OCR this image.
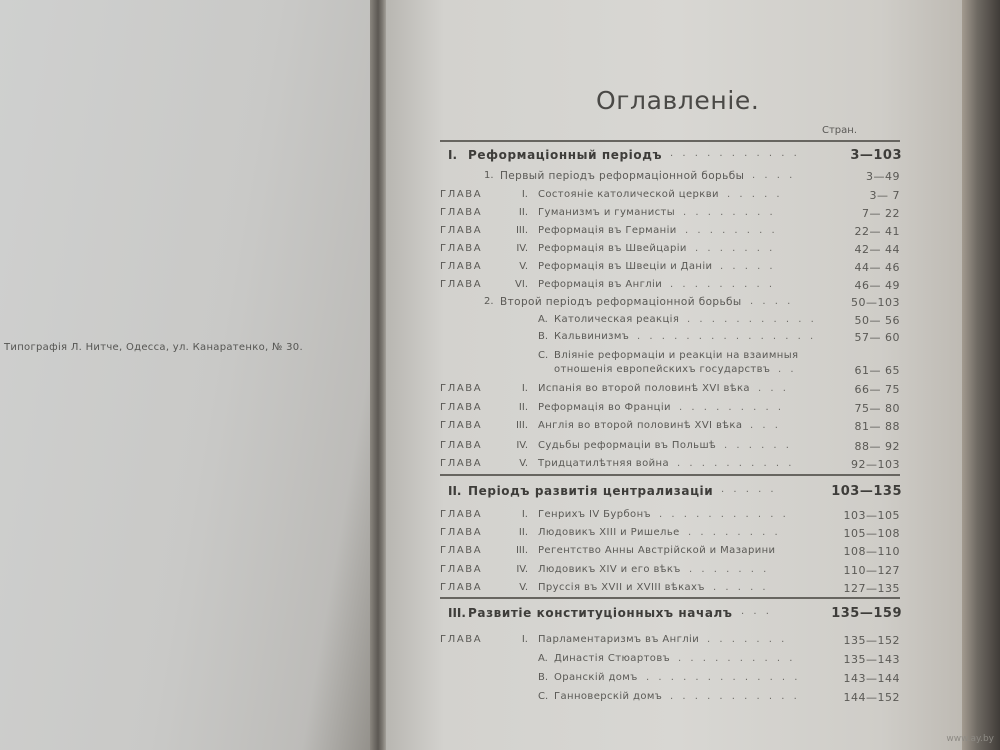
Типографія Л. Нитче, Одесса, ул. Канаратенко, № 30.
Оглавленіе.
Стран.
I. Реформаціонный періодъ . . . . . . . . . . .	3—103
1. Первый періодъ реформаціонной борьбы . . . .	3—49
ГЛАВА	I. Состояніе католической церкви . . . . .	3— 7
ГЛАВА	II. Гуманизмъ и гуманисты . . . . . . . .	7— 22
ГЛАВА	III. Реформація въ Германіи . . . . . . . .	22— 41
ГЛАВА	IV. Реформація въ Швейцаріи . . . . . . .	42— 44
ГЛАВА	V. Реформація въ Швеціи и Даніи . . . . .	44— 46
ГЛАВА	VI. Реформація въ Англіи . . . . . . . . .	46— 49
2. Второй періодъ реформаціонной борьбы . . . .	50—103
A. Католическая реакція . . . . . . . . . . .	50— 56
B. Кальвинизмъ . . . . . . . . . . . . . . .	57— 60
C. Вліяніе реформаціи и реакціи на взаимныя
отношенія европейскихъ государствъ . .	61— 65
ГЛАВА	I. Испанія во второй половинѣ XVI вѣка . . .	66— 75
ГЛАВА	II. Реформація во Франціи . . . . . . . . .	75— 80
ГЛАВА	III. Англія во второй половинѣ XVI вѣка . . .	81— 88
ГЛАВА	IV. Судьбы реформаціи въ Польшѣ . . . . . .	88— 92
ГЛАВА	V. Тридцатилѣтняя война . . . . . . . . . .	92—103
II. Періодъ развитія централизаціи . . . . .	103—135
ГЛАВА	I. Генрихъ IV Бурбонъ . . . . . . . . . . .	103—105
ГЛАВА	II. Людовикъ XIII и Ришелье . . . . . . . .	105—108
ГЛАВА	III. Регентство Анны Австрійской и Мазарини	108—110
ГЛАВА	IV. Людовикъ XIV и его вѣкъ . . . . . . .	110—127
ГЛАВА	V. Пруссія въ XVII и XVIII вѣкахъ . . . . .	127—135
III. Развитіе конституціонныхъ началъ . . .	135—159
ГЛАВА	I. Парламентаризмъ въ Англіи . . . . . . .	135—152
A. Династія Стюартовъ . . . . . . . . . .	135—143
B. Оранскій домъ . . . . . . . . . . . . .	143—144
C. Ганноверскій домъ . . . . . . . . . . .	144—152
www.ay.by
